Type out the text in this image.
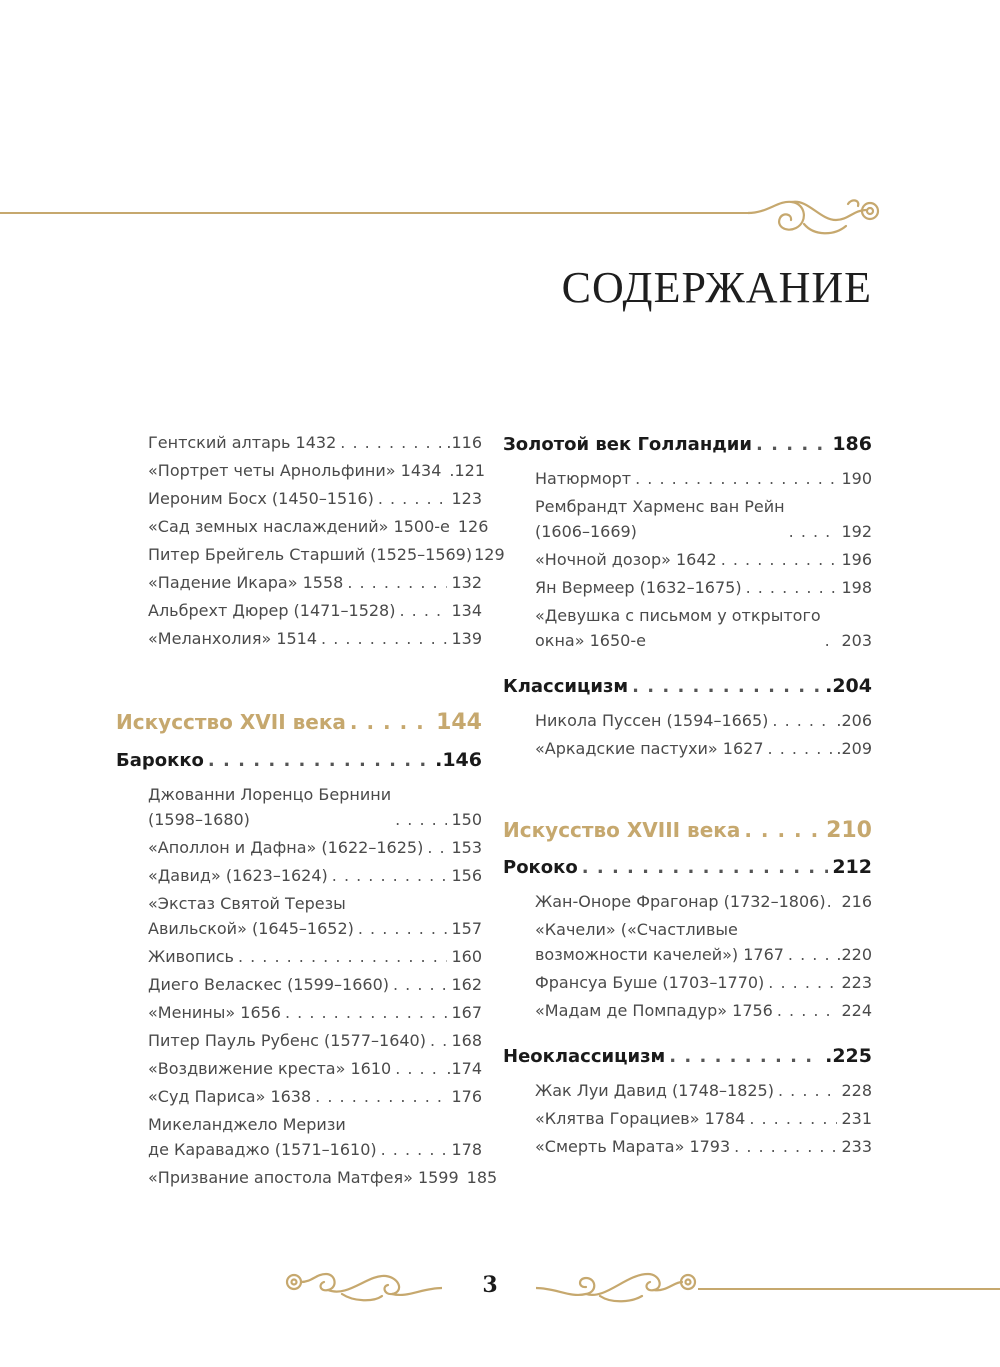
СОДЕРЖАНИЕ
Гентский алтарь 1432 . . .	.116
«Портрет четы Арнольфини» 1434 .121
Иероним Босх (1450–1516) . . .	123
«Сад земных наслаждений» 1500-е 126
Питер Брейгель Старший (1525–1569) 129
«Падение Икара» 1558 . . .	132
Альбрехт Дюрер (1471–1528) . . .	134
«Меланхолия» 1514 . . .	139
Искусство XVII века . . .	144
Барокко . . .	.146
Джованни Лоренцо Бернини
(1598–1680) . . .	150
«Аполлон и Дафна» (1622–1625) . . . 153
«Давид» (1623–1624) . . .	156
«Экстаз Святой Терезы
Авильской» (1645–1652) . . .	157
Живопись . . .	160
Диего Веласкес (1599–1660) . . .	162
«Менины» 1656 . . .	167
Питер Пауль Рубенс (1577–1640) . . . 168
«Воздвижение креста» 1610 . . .	.174
«Суд Париса» 1638 . . .	176
Микеланджело Меризи
де Караваджо (1571–1610) . . .	178
«Призвание апостола Матфея» 1599 185
Золотой век Голландии . . .	186
Натюрморт . . .	190
Рембрандт Харменс ван Рейн
(1606–1669) . . .	192
«Ночной дозор» 1642 . . .	196
Ян Вермеер (1632–1675) . . .	198
«Девушка с письмом у открытого
окна» 1650-е . . .	203
Классицизм . . .	.204
Никола Пуссен (1594–1665) . . .	.206
«Аркадские пастухи» 1627 . . .	.209
Искусство XVIII века . . .	210
Рококо . . .	212
Жан-Оноре Фрагонар (1732–1806) . . . 216
«Качели» («Счастливые
возможности качелей») 1767 . . .	.220
Франсуа Буше (1703–1770) . . .	223
«Мадам де Помпадур» 1756 . . .	224
Неоклассицизм . . .	.225
Жак Луи Давид (1748–1825) . . .	228
«Клятва Горациев» 1784 . . .	231
«Смерть Марата» 1793 . . .	233
3
